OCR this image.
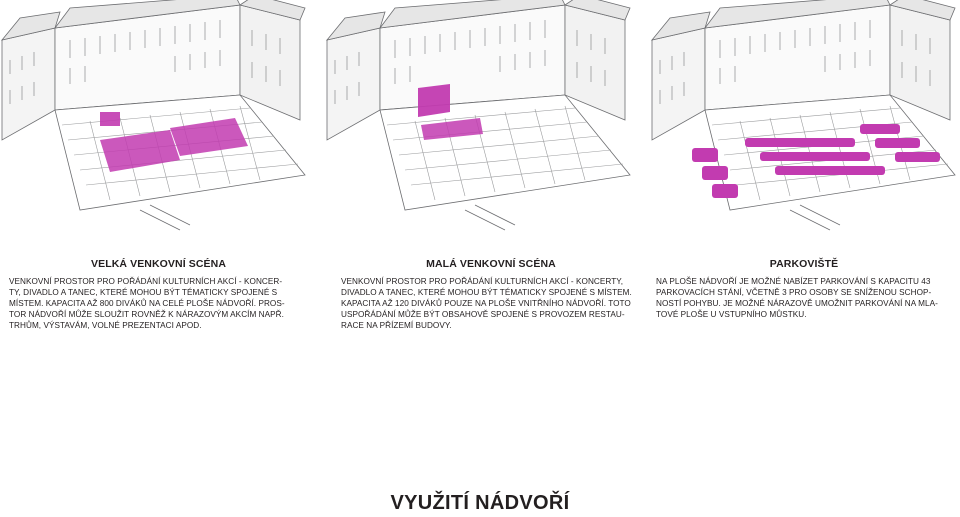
VELKÁ VENKOVNÍ SCÉNA
VENKOVNÍ PROSTOR PRO POŘÁDÁNÍ KULTURNÍCH AKCÍ - KONCER-
TY, DIVADLO A TANEC, KTERÉ MOHOU BÝT TÉMATICKY SPOJENÉ S
MÍSTEM. KAPACITA AŽ 800 DIVÁKŮ NA CELÉ PLOŠE NÁDVOŘÍ. PROS-
TOR NÁDVOŘÍ MŮŽE SLOUŽIT ROVNĚŽ K NÁRAZOVÝM AKCÍM NAPŘ.
TRHŮM, VÝSTAVÁM, VOLNÉ PREZENTACI APOD.
MALÁ VENKOVNÍ SCÉNA
VENKOVNÍ PROSTOR PRO POŘÁDÁNÍ KULTURNÍCH AKCÍ - KONCERTY,
DIVADLO A TANEC, KTERÉ MOHOU BÝT TÉMATICKY SPOJENÉ S MÍSTEM.
KAPACITA AŽ 120 DIVÁKŮ POUZE NA PLOŠE VNITŘNÍHO NÁDVOŘÍ. TOTO
USPOŘÁDÁNÍ MŮŽE BÝT OBSAHOVĚ SPOJENÉ S PROVOZEM RESTAU-
RACE NA PŘÍZEMÍ BUDOVY.
PARKOVIŠTĚ
NA PLOŠE NÁDVOŘÍ JE MOŽNÉ NABÍZET PARKOVÁNÍ S KAPACITU 43
PARKOVACÍCH STÁNÍ, VČETNĚ 3 PRO OSOBY SE SNÍŽENOU SCHOP-
NOSTÍ POHYBU. JE MOŽNÉ NÁRAZOVĚ UMOŽNIT PARKOVÁNÍ NA MLA-
TOVÉ PLOŠE U VSTUPNÍHO MŮSTKU.
VYUŽITÍ NÁDVOŘÍ
